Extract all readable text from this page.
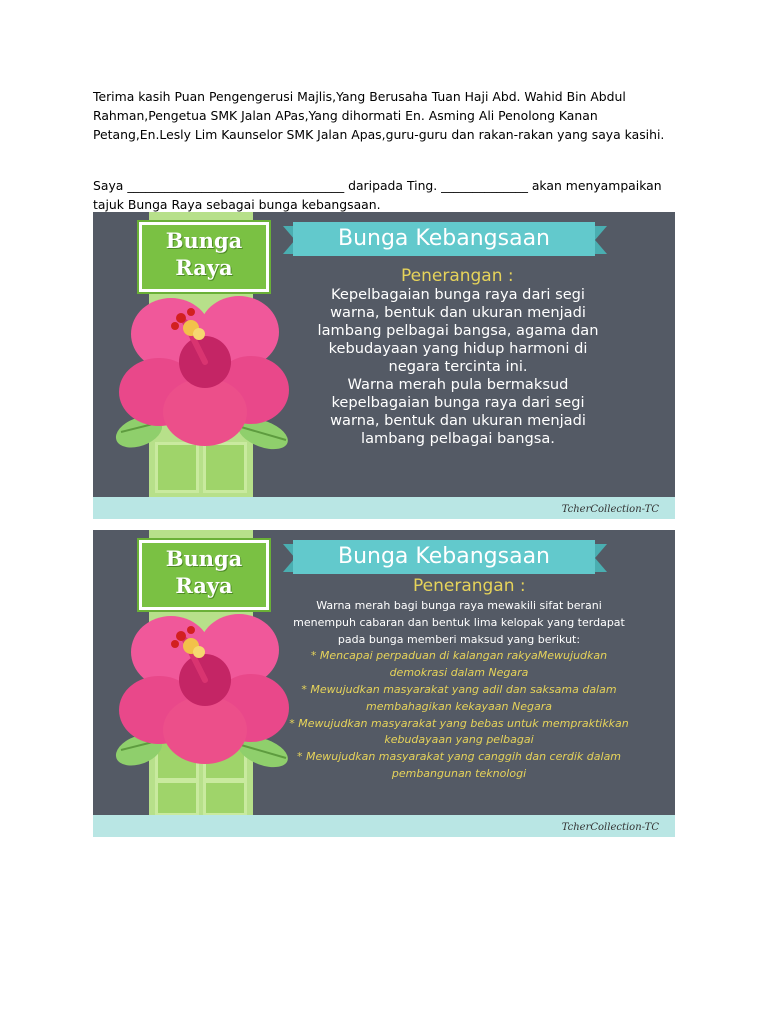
Terima kasih Puan Pengengerusi Majlis,Yang Berusaha Tuan Haji Abd. Wahid Bin Abdul Rahman,Pengetua SMK Jalan APas,Yang dihormati En. Asming Ali Penolong Kanan Petang,En.Lesly Lim Kaunselor SMK Jalan Apas,guru-guru dan rakan-rakan yang saya kasihi.

Saya ___________________________________ daripada Ting. ______________ akan menyampaikan tajuk Bunga Raya sebagai bunga kebangsaan.

Bunga
Raya
Bunga Kebangsaan
Penerangan :
Kepelbagaian bunga raya dari segi
warna, bentuk dan ukuran menjadi
lambang pelbagai bangsa, agama dan
kebudayaan yang hidup harmoni di
negara tercinta ini.
Warna merah pula bermaksud
kepelbagaian bunga raya dari segi
warna, bentuk dan ukuran menjadi
lambang pelbagai bangsa.
TcherCollection-TC
Bunga
Raya
Bunga Kebangsaan
Penerangan :
Warna merah bagi bunga raya mewakili sifat berani
menempuh cabaran dan bentuk lima kelopak yang terdapat
pada bunga memberi maksud yang berikut:
* Mencapai perpaduan di kalangan rakyaMewujudkan
demokrasi dalam Negara
* Mewujudkan masyarakat yang adil dan saksama dalam
membahagikan kekayaan Negara
* Mewujudkan masyarakat yang bebas untuk mempraktikkan
kebudayaan yang pelbagai
* Mewujudkan masyarakat yang canggih dan cerdik dalam
pembangunan teknologi
TcherCollection-TC
